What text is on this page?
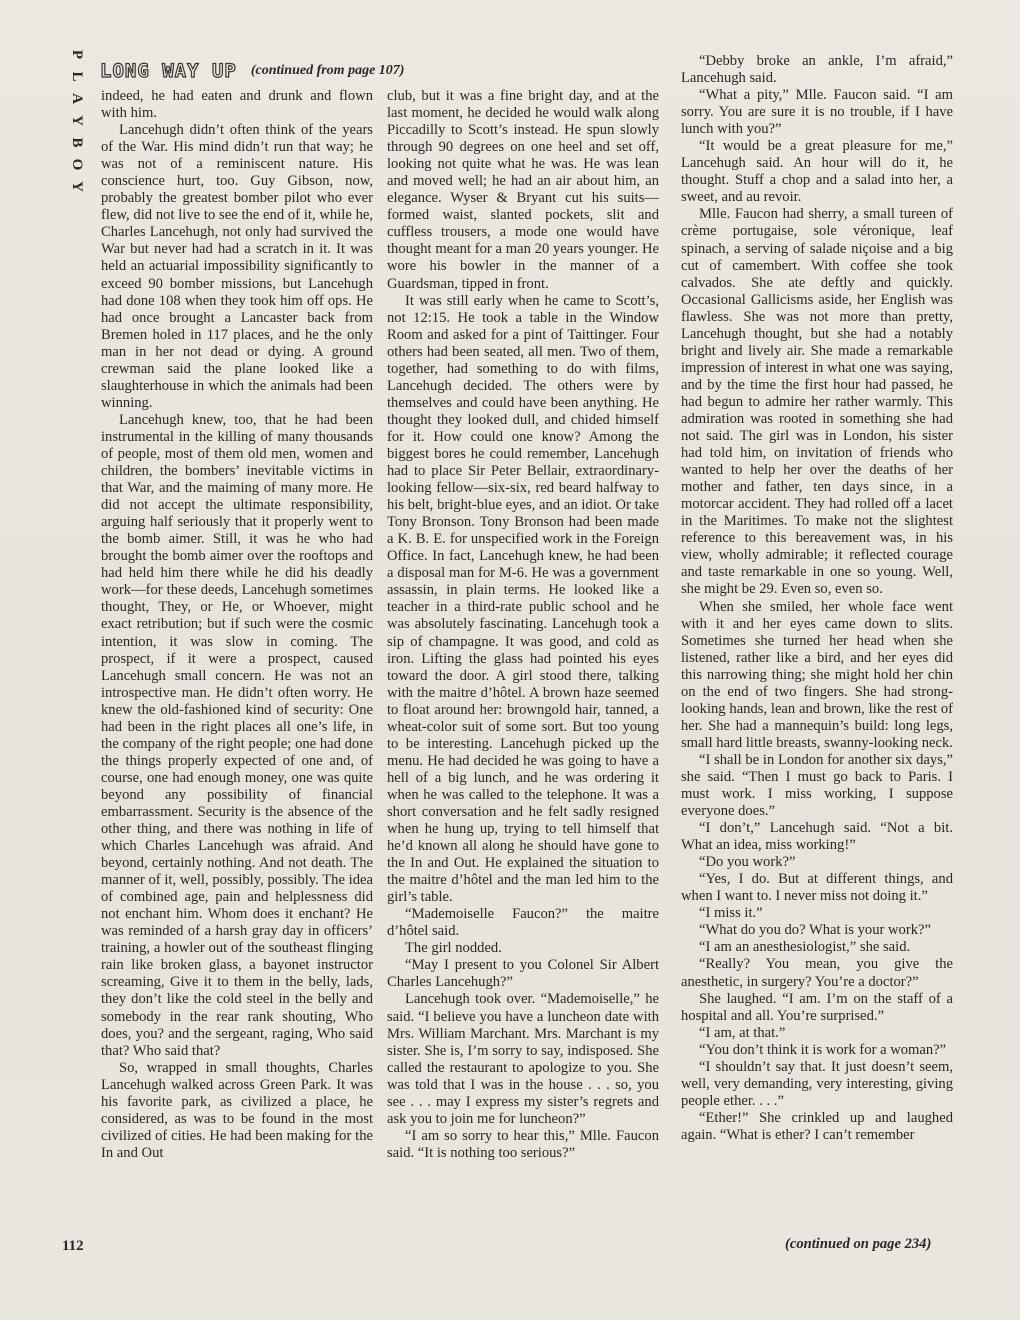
P
L
A
Y
B
O
Y
LONG WAY UP (continued from page 107)

indeed, he had eaten and drunk and flown with him.

Lancehugh didn’t often think of the years of the War. His mind didn’t run that way; he was not of a reminiscent nature. His conscience hurt, too. Guy Gibson, now, probably the greatest bomber pilot who ever flew, did not live to see the end of it, while he, Charles Lancehugh, not only had survived the War but never had had a scratch in it. It was held an actuarial impossibility significantly to exceed 90 bomber missions, but Lancehugh had done 108 when they took him off ops. He had once brought a Lancaster back from Bremen holed in 117 places, and he the only man in her not dead or dying. A ground crewman said the plane looked like a slaughterhouse in which the animals had been winning.

Lancehugh knew, too, that he had been instrumental in the killing of many thousands of people, most of them old men, women and children, the bombers’ inevitable victims in that War, and the maiming of many more. He did not accept the ultimate responsibility, arguing half seriously that it properly went to the bomb aimer. Still, it was he who had brought the bomb aimer over the rooftops and had held him there while he did his deadly work—for these deeds, Lancehugh sometimes thought, They, or He, or Whoever, might exact retribution; but if such were the cosmic intention, it was slow in coming. The prospect, if it were a prospect, caused Lancehugh small concern. He was not an introspective man. He didn’t often worry. He knew the old-fashioned kind of security: One had been in the right places all one’s life, in the company of the right people; one had done the things properly expected of one and, of course, one had enough money, one was quite beyond any possibility of financial embarrassment. Security is the absence of the other thing, and there was nothing in life of which Charles Lancehugh was afraid. And beyond, certainly nothing. And not death. The manner of it, well, possibly, possibly. The idea of combined age, pain and helplessness did not enchant him. Whom does it enchant? He was reminded of a harsh gray day in officers’ training, a howler out of the southeast flinging rain like broken glass, a bayonet instructor screaming, Give it to them in the belly, lads, they don’t like the cold steel in the belly and somebody in the rear rank shouting, Who does, you? and the sergeant, raging, Who said that? Who said that?

So, wrapped in small thoughts, Charles Lancehugh walked across Green Park. It was his favorite park, as civilized a place, he considered, as was to be found in the most civilized of cities. He had been making for the In and Out

club, but it was a fine bright day, and at the last moment, he decided he would walk along Piccadilly to Scott’s instead. He spun slowly through 90 degrees on one heel and set off, looking not quite what he was. He was lean and moved well; he had an air about him, an elegance. Wyser & Bryant cut his suits—formed waist, slanted pockets, slit and cuffless trousers, a mode one would have thought meant for a man 20 years younger. He wore his bowler in the manner of a Guardsman, tipped in front.

It was still early when he came to Scott’s, not 12:15. He took a table in the Window Room and asked for a pint of Taittinger. Four others had been seated, all men. Two of them, together, had something to do with films, Lancehugh decided. The others were by themselves and could have been anything. He thought they looked dull, and chided himself for it. How could one know? Among the biggest bores he could remember, Lancehugh had to place Sir Peter Bellair, extraordinary-looking fellow—six-six, red beard halfway to his belt, bright-blue eyes, and an idiot. Or take Tony Bronson. Tony Bronson had been made a K. B. E. for unspecified work in the Foreign Office. In fact, Lancehugh knew, he had been a disposal man for M-6. He was a government assassin, in plain terms. He looked like a teacher in a third-rate public school and he was absolutely fascinating. Lancehugh took a sip of champagne. It was good, and cold as iron. Lifting the glass had pointed his eyes toward the door. A girl stood there, talking with the maitre d’hôtel. A brown haze seemed to float around her: browngold hair, tanned, a wheat-color suit of some sort. But too young to be interesting. Lancehugh picked up the menu. He had decided he was going to have a hell of a big lunch, and he was ordering it when he was called to the telephone. It was a short conversation and he felt sadly resigned when he hung up, trying to tell himself that he’d known all along he should have gone to the In and Out. He explained the situation to the maitre d’hôtel and the man led him to the girl’s table.

“Mademoiselle Faucon?” the maitre d’hôtel said.

The girl nodded.

“May I present to you Colonel Sir Albert Charles Lancehugh?”

Lancehugh took over. “Mademoiselle,” he said. “I believe you have a luncheon date with Mrs. William Marchant. Mrs. Marchant is my sister. She is, I’m sorry to say, indisposed. She called the restaurant to apologize to you. She was told that I was in the house . . . so, you see . . . may I express my sister’s regrets and ask you to join me for luncheon?”

“I am so sorry to hear this,” Mlle. Faucon said. “It is nothing too serious?”

“Debby broke an ankle, I’m afraid,” Lancehugh said.

“What a pity,” Mlle. Faucon said. “I am sorry. You are sure it is no trouble, if I have lunch with you?”

“It would be a great pleasure for me,” Lancehugh said. An hour will do it, he thought. Stuff a chop and a salad into her, a sweet, and au revoir.

Mlle. Faucon had sherry, a small tureen of crème portugaise, sole véronique, leaf spinach, a serving of salade niçoise and a big cut of camembert. With coffee she took calvados. She ate deftly and quickly. Occasional Gallicisms aside, her English was flawless. She was not more than pretty, Lancehugh thought, but she had a notably bright and lively air. She made a remarkable impression of interest in what one was saying, and by the time the first hour had passed, he had begun to admire her rather warmly. This admiration was rooted in something she had not said. The girl was in London, his sister had told him, on invitation of friends who wanted to help her over the deaths of her mother and father, ten days since, in a motorcar accident. They had rolled off a lacet in the Maritimes. To make not the slightest reference to this bereavement was, in his view, wholly admirable; it reflected courage and taste remarkable in one so young. Well, she might be 29. Even so, even so.

When she smiled, her whole face went with it and her eyes came down to slits. Sometimes she turned her head when she listened, rather like a bird, and her eyes did this narrowing thing; she might hold her chin on the end of two fingers. She had strong-looking hands, lean and brown, like the rest of her. She had a mannequin’s build: long legs, small hard little breasts, swanny-looking neck.

“I shall be in London for another six days,” she said. “Then I must go back to Paris. I must work. I miss working, I suppose everyone does.”

“I don’t,” Lancehugh said. “Not a bit. What an idea, miss working!”

“Do you work?”

“Yes, I do. But at different things, and when I want to. I never miss not doing it.”

“I miss it.”

“What do you do? What is your work?”

“I am an anesthesiologist,” she said.

“Really? You mean, you give the anesthetic, in surgery? You’re a doctor?”

She laughed. “I am. I’m on the staff of a hospital and all. You’re surprised.”

“I am, at that.”

“You don’t think it is work for a woman?”

“I shouldn’t say that. It just doesn’t seem, well, very demanding, very interesting, giving people ether. . . .”

“Ether!” She crinkled up and laughed again. “What is ether? I can’t remember

112	(continued on page 234)
